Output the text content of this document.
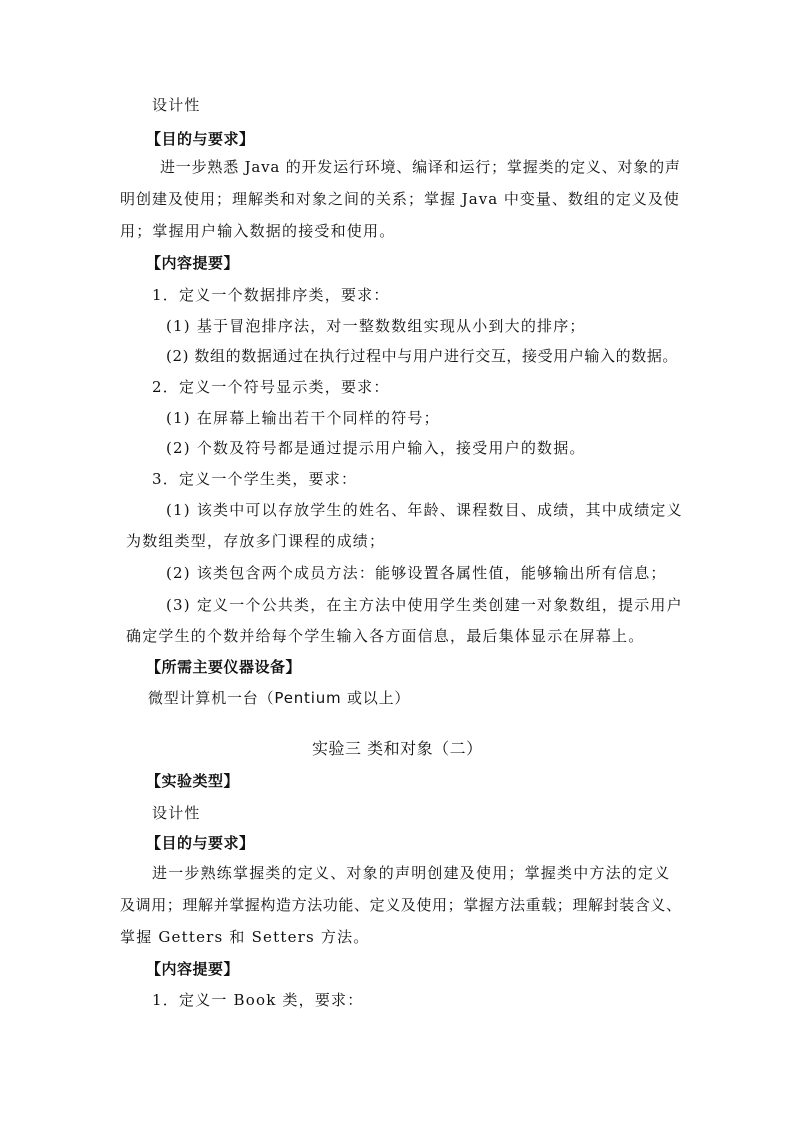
设计性
【目的与要求】
进一步熟悉 Java 的开发运行环境、编译和运行；掌握类的定义、对象的声
明创建及使用；理解类和对象之间的关系；掌握 Java 中变量、数组的定义及使
用；掌握用户输入数据的接受和使用。
【内容提要】
1．定义一个数据排序类，要求：
(1) 基于冒泡排序法，对一整数数组实现从小到大的排序；
(2) 数组的数据通过在执行过程中与用户进行交互，接受用户输入的数据。
2．定义一个符号显示类，要求：
(1) 在屏幕上输出若干个同样的符号；
(2) 个数及符号都是通过提示用户输入，接受用户的数据。
3．定义一个学生类，要求：
(1) 该类中可以存放学生的姓名、年龄、课程数目、成绩，其中成绩定义
为数组类型，存放多门课程的成绩；
(2) 该类包含两个成员方法：能够设置各属性值，能够输出所有信息；
(3) 定义一个公共类，在主方法中使用学生类创建一对象数组，提示用户
确定学生的个数并给每个学生输入各方面信息，最后集体显示在屏幕上。
【所需主要仪器设备】
微型计算机一台（Pentium 或以上）
实验三 类和对象（二）
【实验类型】
设计性
【目的与要求】
进一步熟练掌握类的定义、对象的声明创建及使用；掌握类中方法的定义
及调用；理解并掌握构造方法功能、定义及使用；掌握方法重载；理解封装含义、
掌握 Getters 和 Setters 方法。
【内容提要】
1．定义一 Book 类，要求：
